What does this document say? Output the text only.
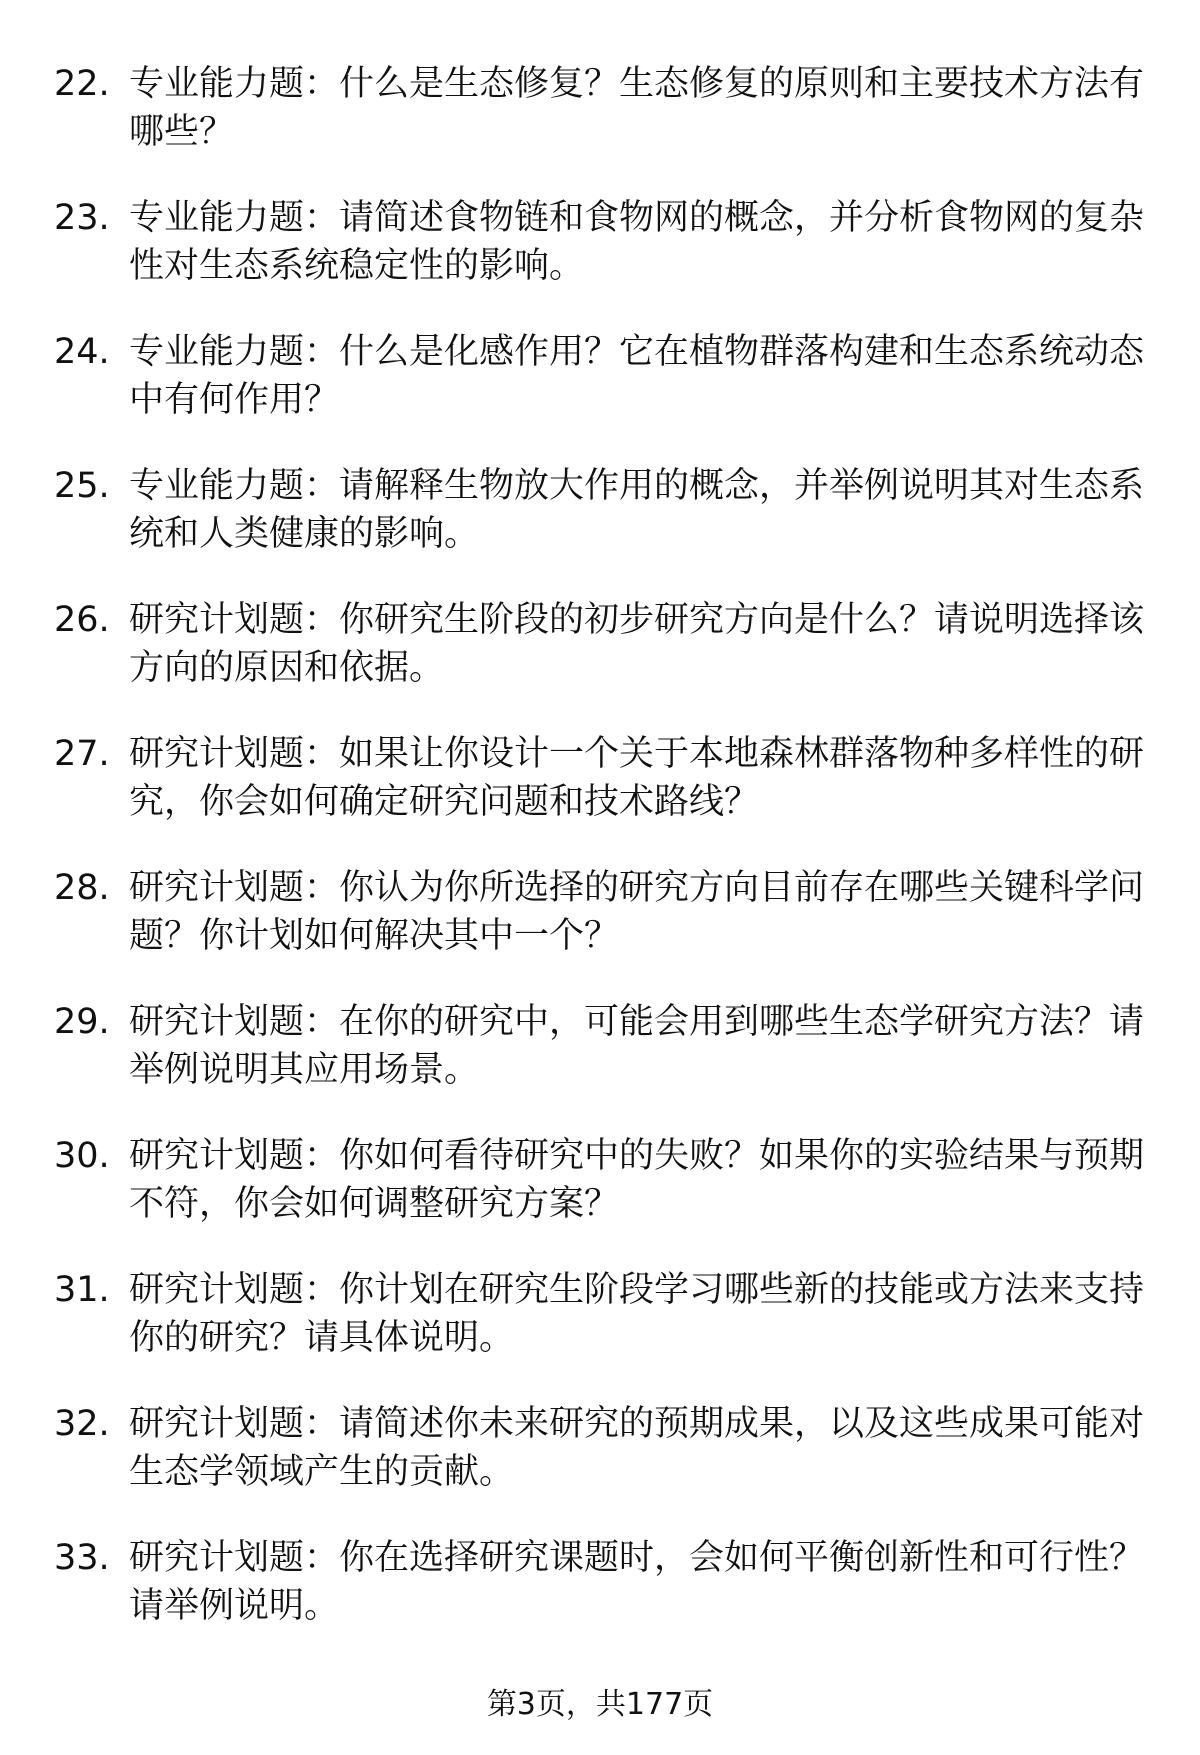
22. 专业能力题：什么是生态修复？生态修复的原则和主要技术方法有哪些？
23. 专业能力题：请简述食物链和食物网的概念，并分析食物网的复杂性对生态系统稳定性的影响。
24. 专业能力题：什么是化感作用？它在植物群落构建和生态系统动态中有何作用？
25. 专业能力题：请解释生物放大作用的概念，并举例说明其对生态系统和人类健康的影响。
26. 研究计划题：你研究生阶段的初步研究方向是什么？请说明选择该方向的原因和依据。
27. 研究计划题：如果让你设计一个关于本地森林群落物种多样性的研究，你会如何确定研究问题和技术路线？
28. 研究计划题：你认为你所选择的研究方向目前存在哪些关键科学问题？你计划如何解决其中一个？
29. 研究计划题：在你的研究中，可能会用到哪些生态学研究方法？请举例说明其应用场景。
30. 研究计划题：你如何看待研究中的失败？如果你的实验结果与预期不符，你会如何调整研究方案？
31. 研究计划题：你计划在研究生阶段学习哪些新的技能或方法来支持你的研究？请具体说明。
32. 研究计划题：请简述你未来研究的预期成果，以及这些成果可能对生态学领域产生的贡献。
33. 研究计划题：你在选择研究课题时，会如何平衡创新性和可行性？请举例说明。
第3页，共177页
